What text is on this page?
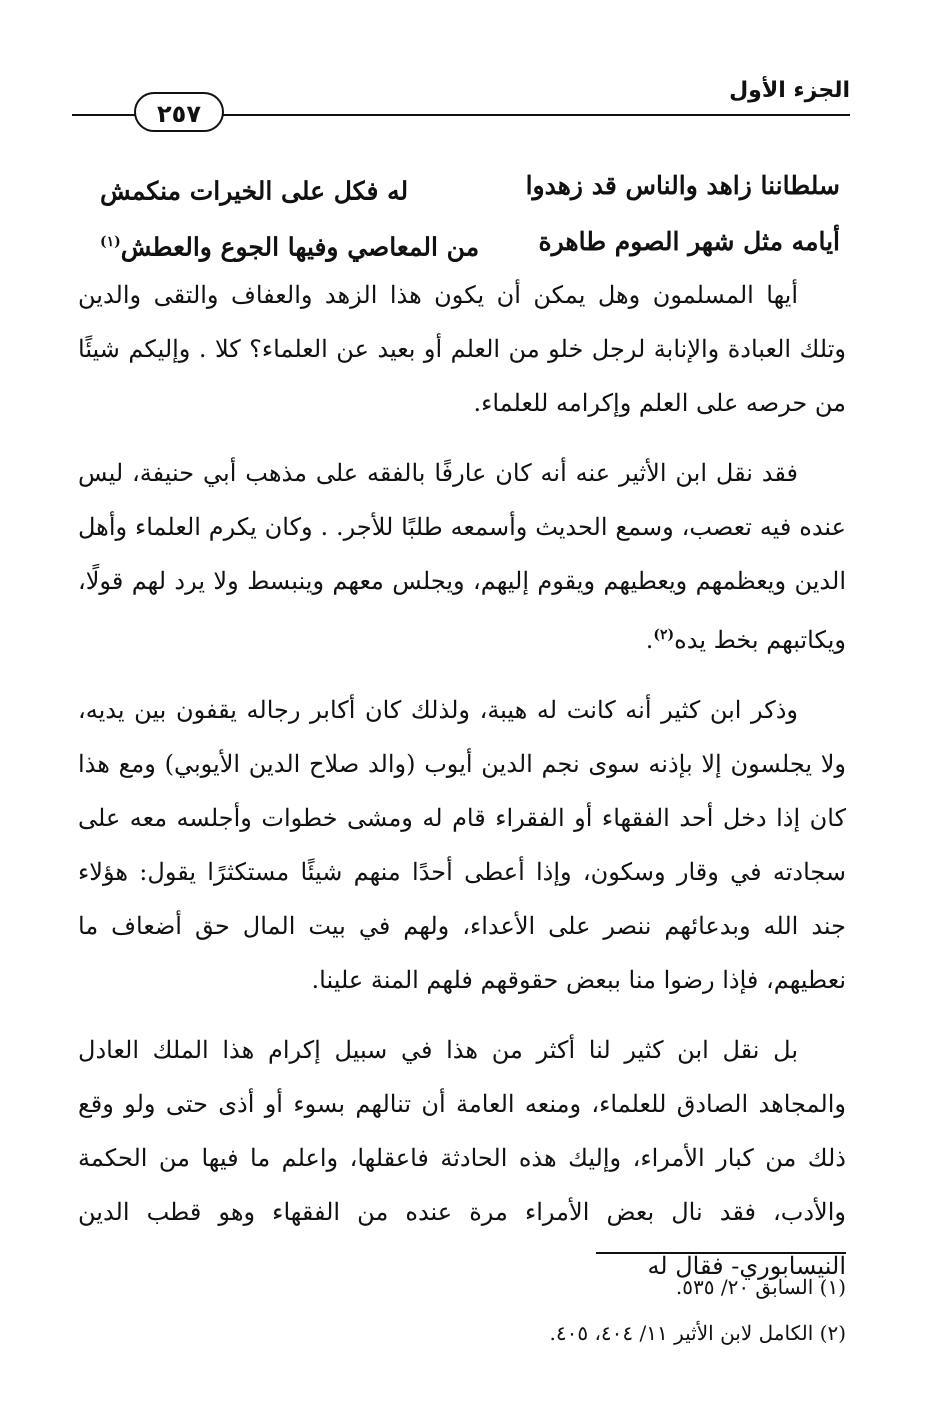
الجزء الأول
٢٥٧
سلطاننا زاهد والناس قد زهدوا
له فكل على الخيرات منكمش
أيامه مثل شهر الصوم طاهرة
من المعاصي وفيها الجوع والعطش$^{(١)}$

أيها المسلمون وهل يمكن أن يكون هذا الزهد والعفاف والتقى والدين وتلك العبادة والإنابة لرجل خلو من العلم أو بعيد عن العلماء؟ كلا . وإليكم شيئًا من حرصه على العلم وإكرامه للعلماء.

فقد نقل ابن الأثير عنه أنه كان عارفًا بالفقه على مذهب أبي حنيفة، ليس عنده فيه تعصب، وسمع الحديث وأسمعه طلبًا للأجر. . وكان يكرم العلماء وأهل الدين ويعظمهم ويعطيهم ويقوم إليهم، ويجلس معهم وينبسط ولا يرد لهم قولًا، ويكاتبهم بخط يده$^{(٢)}$.

وذكر ابن كثير أنه كانت له هيبة، ولذلك كان أكابر رجاله يقفون بين يديه، ولا يجلسون إلا بإذنه سوى نجم الدين أيوب (والد صلاح الدين الأيوبي) ومع هذا كان إذا دخل أحد الفقهاء أو الفقراء قام له ومشى خطوات وأجلسه معه على سجادته في وقار وسكون، وإذا أعطى أحدًا منهم شيئًا مستكثرًا يقول: هؤلاء جند الله وبدعائهم ننصر على الأعداء، ولهم في بيت المال حق أضعاف ما نعطيهم، فإذا رضوا منا ببعض حقوقهم فلهم المنة علينا.

بل نقل ابن كثير لنا أكثر من هذا في سبيل إكرام هذا الملك العادل والمجاهد الصادق للعلماء، ومنعه العامة أن تنالهم بسوء أو أذى حتى ولو وقع ذلك من كبار الأمراء، وإليك هذه الحادثة فاعقلها، واعلم ما فيها من الحكمة والأدب، فقد نال بعض الأمراء مرة عنده من الفقهاء وهو قطب الدين النيسابوري- فقال له

(١) السابق ٢٠/ ٥٣٥.
(٢) الكامل لابن الأثير ١١/ ٤٠٤، ٤٠٥.
